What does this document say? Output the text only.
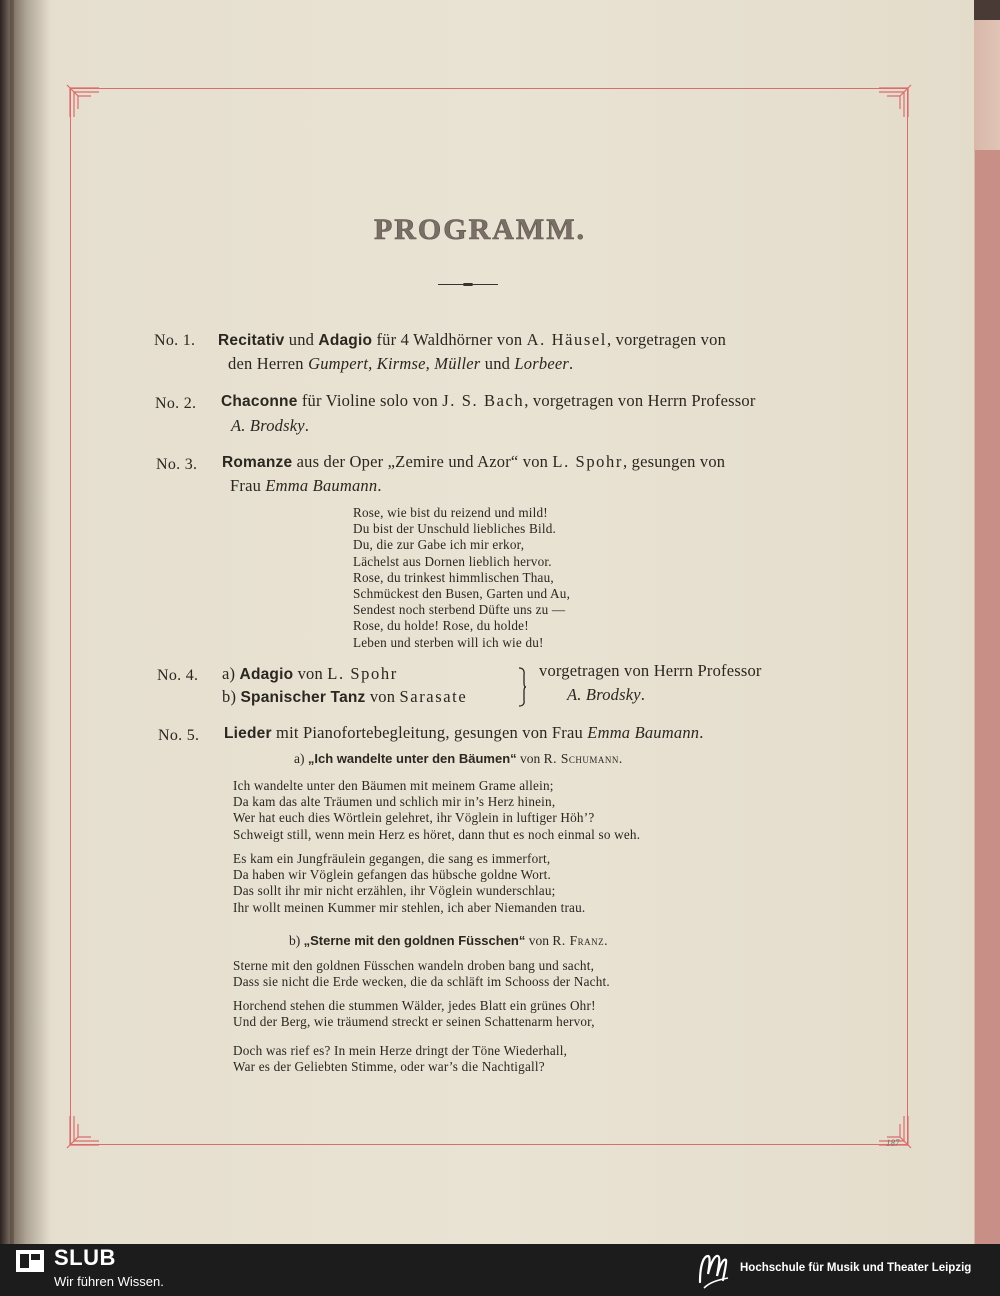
PROGRAMM.
No. 1. Recitativ und Adagio für 4 Waldhörner von A. Häusel, vorgetragen von
den Herren Gumpert, Kirmse, Müller und Lorbeer.
No. 2. Chaconne für Violine solo von J. S. Bach, vorgetragen von Herrn Professor
A. Brodsky.
No. 3. Romanze aus der Oper „Zemire und Azor“ von L. Spohr, gesungen von
Frau Emma Baumann.
Rose, wie bist du reizend und mild!
Du bist der Unschuld liebliches Bild.
Du, die zur Gabe ich mir erkor,
Lächelst aus Dornen lieblich hervor.
Rose, du trinkest himmlischen Thau,
Schmückest den Busen, Garten und Au,
Sendest noch sterbend Düfte uns zu —
Rose, du holde! Rose, du holde!
Leben und sterben will ich wie du!
No. 4. a) Adagio von L. Spohr
b) Spanischer Tanz von Sarasate
vorgetragen von Herrn Professor
A. Brodsky.
No. 5. Lieder mit Pianofortebegleitung, gesungen von Frau Emma Baumann.
a) „Ich wandelte unter den Bäumen“ von R. Schumann.
Ich wandelte unter den Bäumen mit meinem Grame allein;
Da kam das alte Träumen und schlich mir in’s Herz hinein,
Wer hat euch dies Wörtlein gelehret, ihr Vöglein in luftiger Höh’?
Schweigt still, wenn mein Herz es höret, dann thut es noch einmal so weh.
Es kam ein Jungfräulein gegangen, die sang es immerfort,
Da haben wir Vöglein gefangen das hübsche goldne Wort.
Das sollt ihr mir nicht erzählen, ihr Vöglein wunderschlau;
Ihr wollt meinen Kummer mir stehlen, ich aber Niemanden trau.
b) „Sterne mit den goldnen Füsschen“ von R. Franz.
Sterne mit den goldnen Füsschen wandeln droben bang und sacht,
Dass sie nicht die Erde wecken, die da schläft im Schooss der Nacht.
Horchend stehen die stummen Wälder, jedes Blatt ein grünes Ohr!
Und der Berg, wie träumend streckt er seinen Schattenarm hervor,
Doch was rief es? In mein Herze dringt der Töne Wiederhall,
War es der Geliebten Stimme, oder war’s die Nachtigall?
187
SLUB
Wir führen Wissen.
Hochschule für Musik und Theater Leipzig
